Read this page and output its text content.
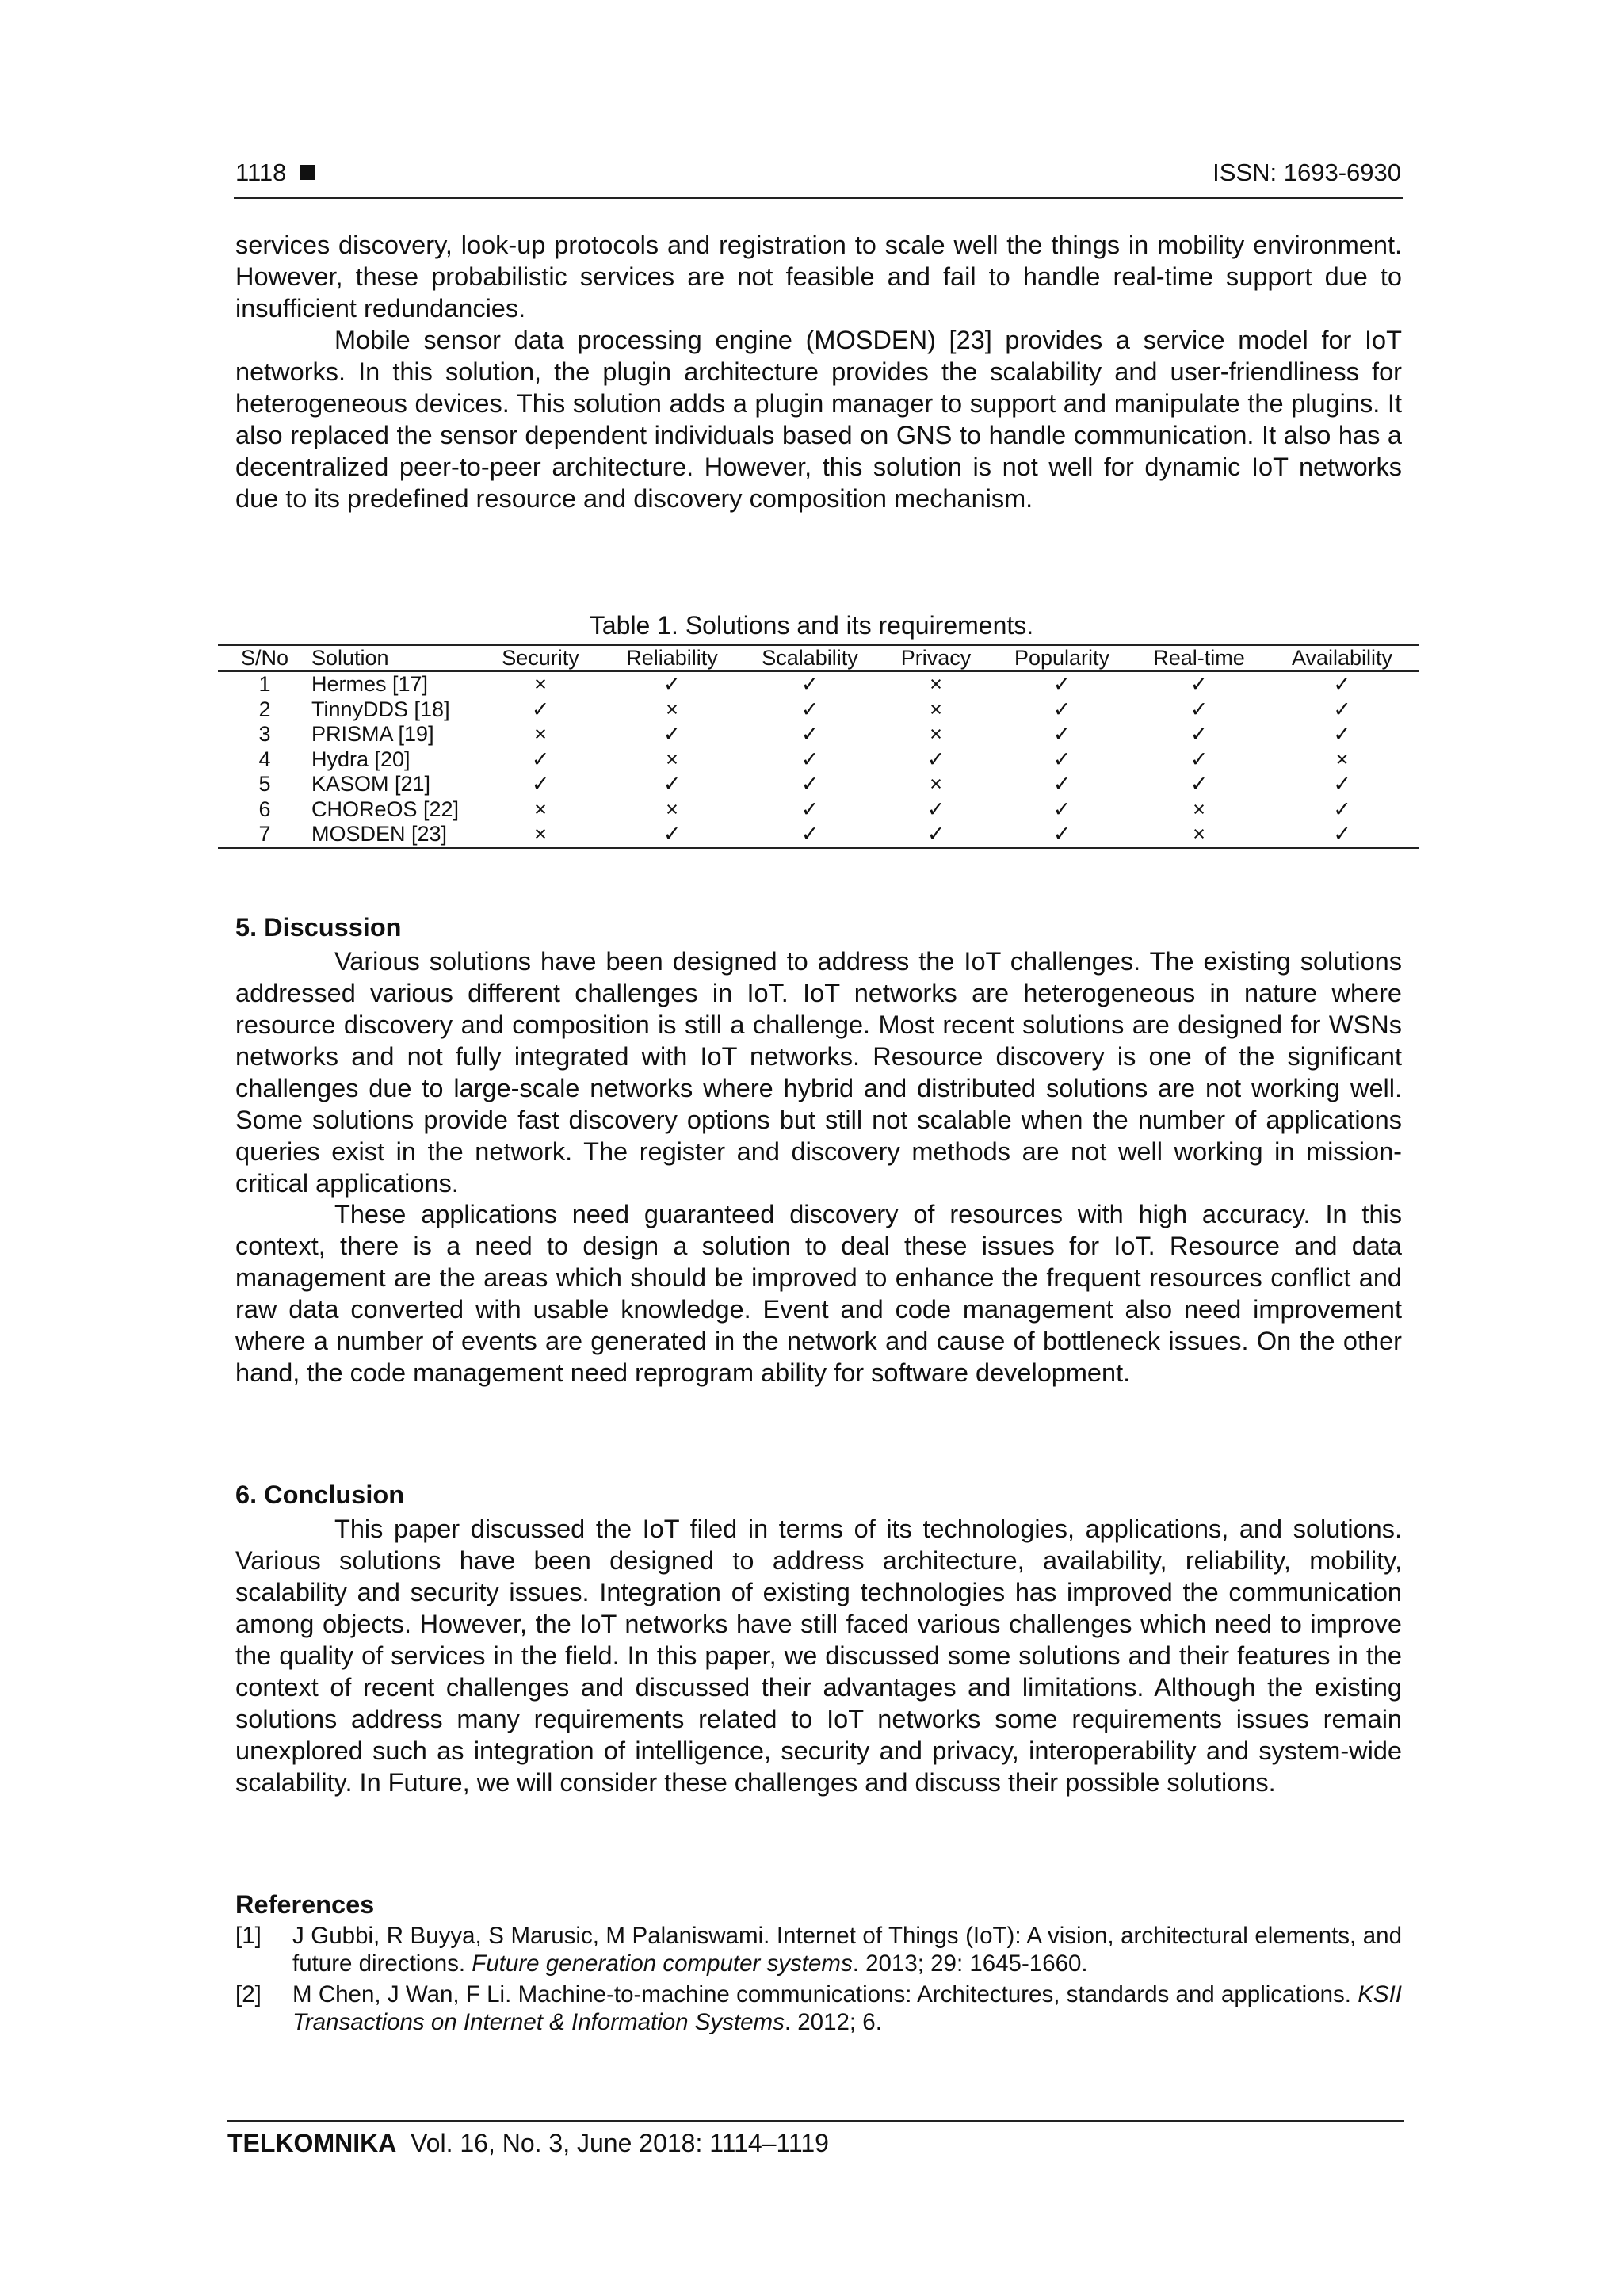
1118	ISSN: 1693-6930

services discovery, look-up protocols and registration to scale well the things in mobility environment. However, these probabilistic services are not feasible and fail to handle real-time support due to insufficient redundancies.

Mobile sensor data processing engine (MOSDEN) [23] provides a service model for IoT networks. In this solution, the plugin architecture provides the scalability and user-friendliness for heterogeneous devices. This solution adds a plugin manager to support and manipulate the plugins. It also replaced the sensor dependent individuals based on GNS to handle communication. It also has a decentralized peer-to-peer architecture. However, this solution is not well for dynamic IoT networks due to its predefined resource and discovery composition mechanism.

Table 1. Solutions and its requirements.

S/No	Solution	Security	Reliability	Scalability	Privacy	Popularity	Real-time	Availability
1	Hermes [17]	×	✓	✓	×	✓	✓	✓
2	TinnyDDS [18]	✓	×	✓	×	✓	✓	✓
3	PRISMA [19]	×	✓	✓	×	✓	✓	✓
4	Hydra [20]	✓	×	✓	✓	✓	✓	×
5	KASOM [21]	✓	✓	✓	×	✓	✓	✓
6	CHOReOS [22]	×	×	✓	✓	✓	×	✓
7	MOSDEN [23]	×	✓	✓	✓	✓	×	✓
5. Discussion

Various solutions have been designed to address the IoT challenges. The existing solutions addressed various different challenges in IoT. IoT networks are heterogeneous in nature where resource discovery and composition is still a challenge. Most recent solutions are designed for WSNs networks and not fully integrated with IoT networks. Resource discovery is one of the significant challenges due to large-scale networks where hybrid and distributed solutions are not working well. Some solutions provide fast discovery options but still not scalable when the number of applications queries exist in the network. The register and discovery methods are not well working in mission-critical applications.

These applications need guaranteed discovery of resources with high accuracy. In this context, there is a need to design a solution to deal these issues for IoT. Resource and data management are the areas which should be improved to enhance the frequent resources conflict and raw data converted with usable knowledge. Event and code management also need improvement where a number of events are generated in the network and cause of bottleneck issues. On the other hand, the code management need reprogram ability for software development.

6. Conclusion

This paper discussed the IoT filed in terms of its technologies, applications, and solutions. Various solutions have been designed to address architecture, availability, reliability, mobility, scalability and security issues. Integration of existing technologies has improved the communication among objects. However, the IoT networks have still faced various challenges which need to improve the quality of services in the field. In this paper, we discussed some solutions and their features in the context of recent challenges and discussed their advantages and limitations. Although the existing solutions address many requirements related to IoT networks some requirements issues remain unexplored such as integration of intelligence, security and privacy, interoperability and system-wide scalability. In Future, we will consider these challenges and discuss their possible solutions.

References
[1] J Gubbi, R Buyya, S Marusic, M Palaniswami. Internet of Things (IoT): A vision, architectural elements, and future directions. Future generation computer systems. 2013; 29: 1645-1660.
[2] M Chen, J Wan, F Li. Machine-to-machine communications: Architectures, standards and applications. KSII Transactions on Internet & Information Systems. 2012; 6.
TELKOMNIKA Vol. 16, No. 3, June 2018: 1114–1119
